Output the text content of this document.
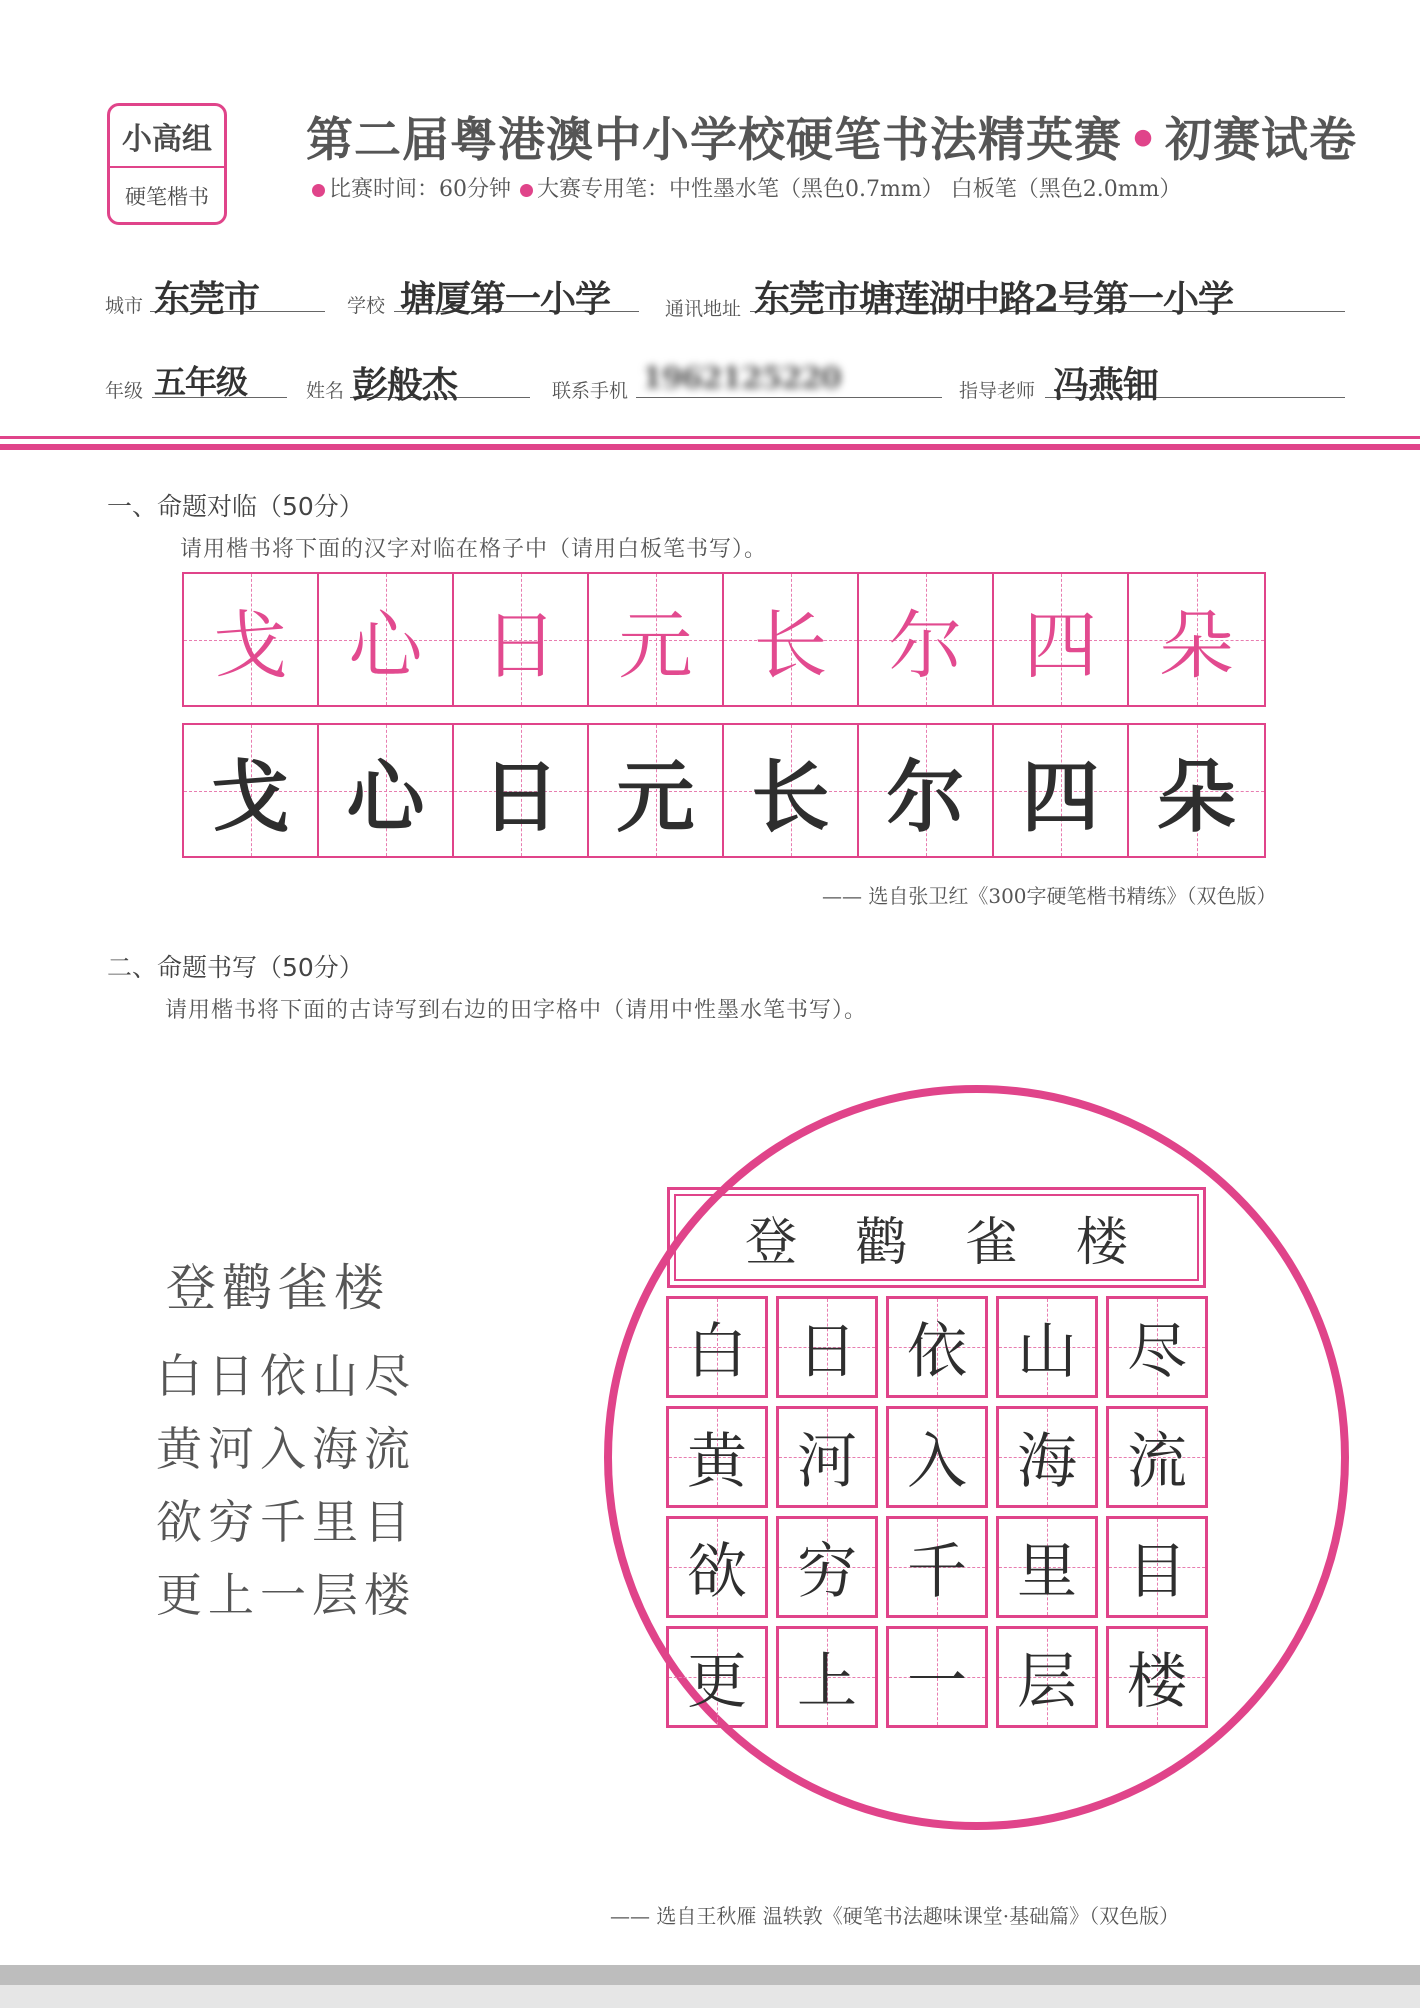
小高组
硬笔楷书
第二届粤港澳中小学校硬笔书法精英赛 • 初赛试卷
比赛时间：60分钟 大赛专用笔：中性墨水笔（黑色0.7mm） 白板笔（黑色2.0mm）
城市 东莞市	学校 塘厦第一小学	通讯地址 东莞市塘莲湖中路2号第一小学
年级 五年级	姓名 彭般杰	联系手机 1962125220	指导老师 冯燕钿
一、命题对临（50分）
请用楷书将下面的汉字对临在格子中（请用白板笔书写）。
戈 心 日 元 长 尔 四 朵
戈 心 日 元 长 尔 四 朵
—— 选自张卫红《300字硬笔楷书精练》（双色版）
二、命题书写（50分）
请用楷书将下面的古诗写到右边的田字格中（请用中性墨水笔书写）。
登鹳雀楼
白日依山尽
黄河入海流
欲穷千里目
更上一层楼
登 鹳 雀 楼
白 日 依 山 尽
黄 河 入 海 流
欲 穷 千 里 目
更 上 一 层 楼
—— 选自王秋雁 温轶敦《硬笔书法趣味课堂·基础篇》（双色版）
